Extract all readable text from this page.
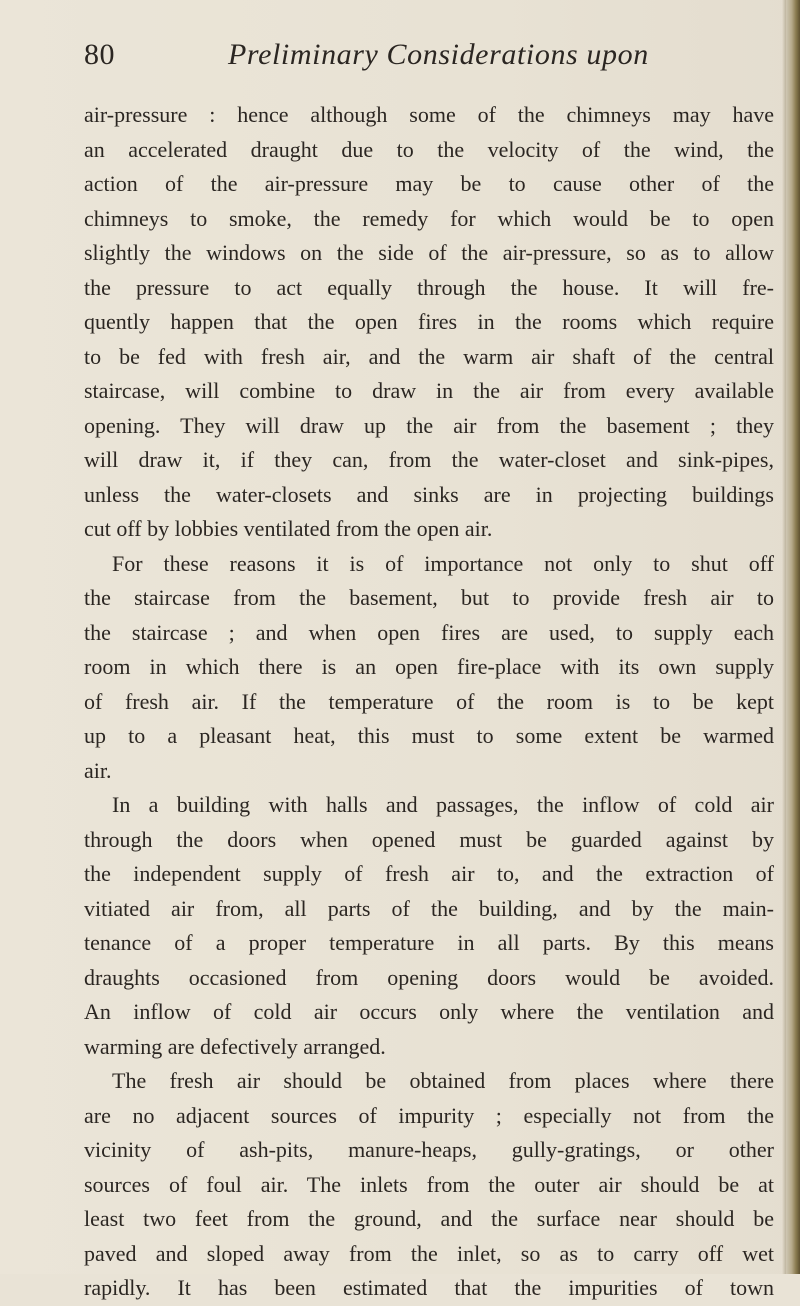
80	Preliminary Considerations upon
air-pressure : hence although some of the chimneys may have
an accelerated draught due to the velocity of the wind, the
action of the air-pressure may be to cause other of the
chimneys to smoke, the remedy for which would be to open
slightly the windows on the side of the air-pressure, so as to allow
the pressure to act equally through the house. It will fre-
quently happen that the open fires in the rooms which require
to be fed with fresh air, and the warm air shaft of the central
staircase, will combine to draw in the air from every available
opening. They will draw up the air from the basement ; they
will draw it, if they can, from the water-closet and sink-pipes,
unless the water-closets and sinks are in projecting buildings
cut off by lobbies ventilated from the open air.
For these reasons it is of importance not only to shut off
the staircase from the basement, but to provide fresh air to
the staircase ; and when open fires are used, to supply each
room in which there is an open fire-place with its own supply
of fresh air. If the temperature of the room is to be kept
up to a pleasant heat, this must to some extent be warmed
air.
In a building with halls and passages, the inflow of cold air
through the doors when opened must be guarded against by
the independent supply of fresh air to, and the extraction of
vitiated air from, all parts of the building, and by the main-
tenance of a proper temperature in all parts. By this means
draughts occasioned from opening doors would be avoided.
An inflow of cold air occurs only where the ventilation and
warming are defectively arranged.
The fresh air should be obtained from places where there
are no adjacent sources of impurity ; especially not from the
vicinity of ash-pits, manure-heaps, gully-gratings, or other
sources of foul air. The inlets from the outer air should be at
least two feet from the ground, and the surface near should be
paved and sloped away from the inlet, so as to carry off wet
rapidly. It has been estimated that the impurities of town
